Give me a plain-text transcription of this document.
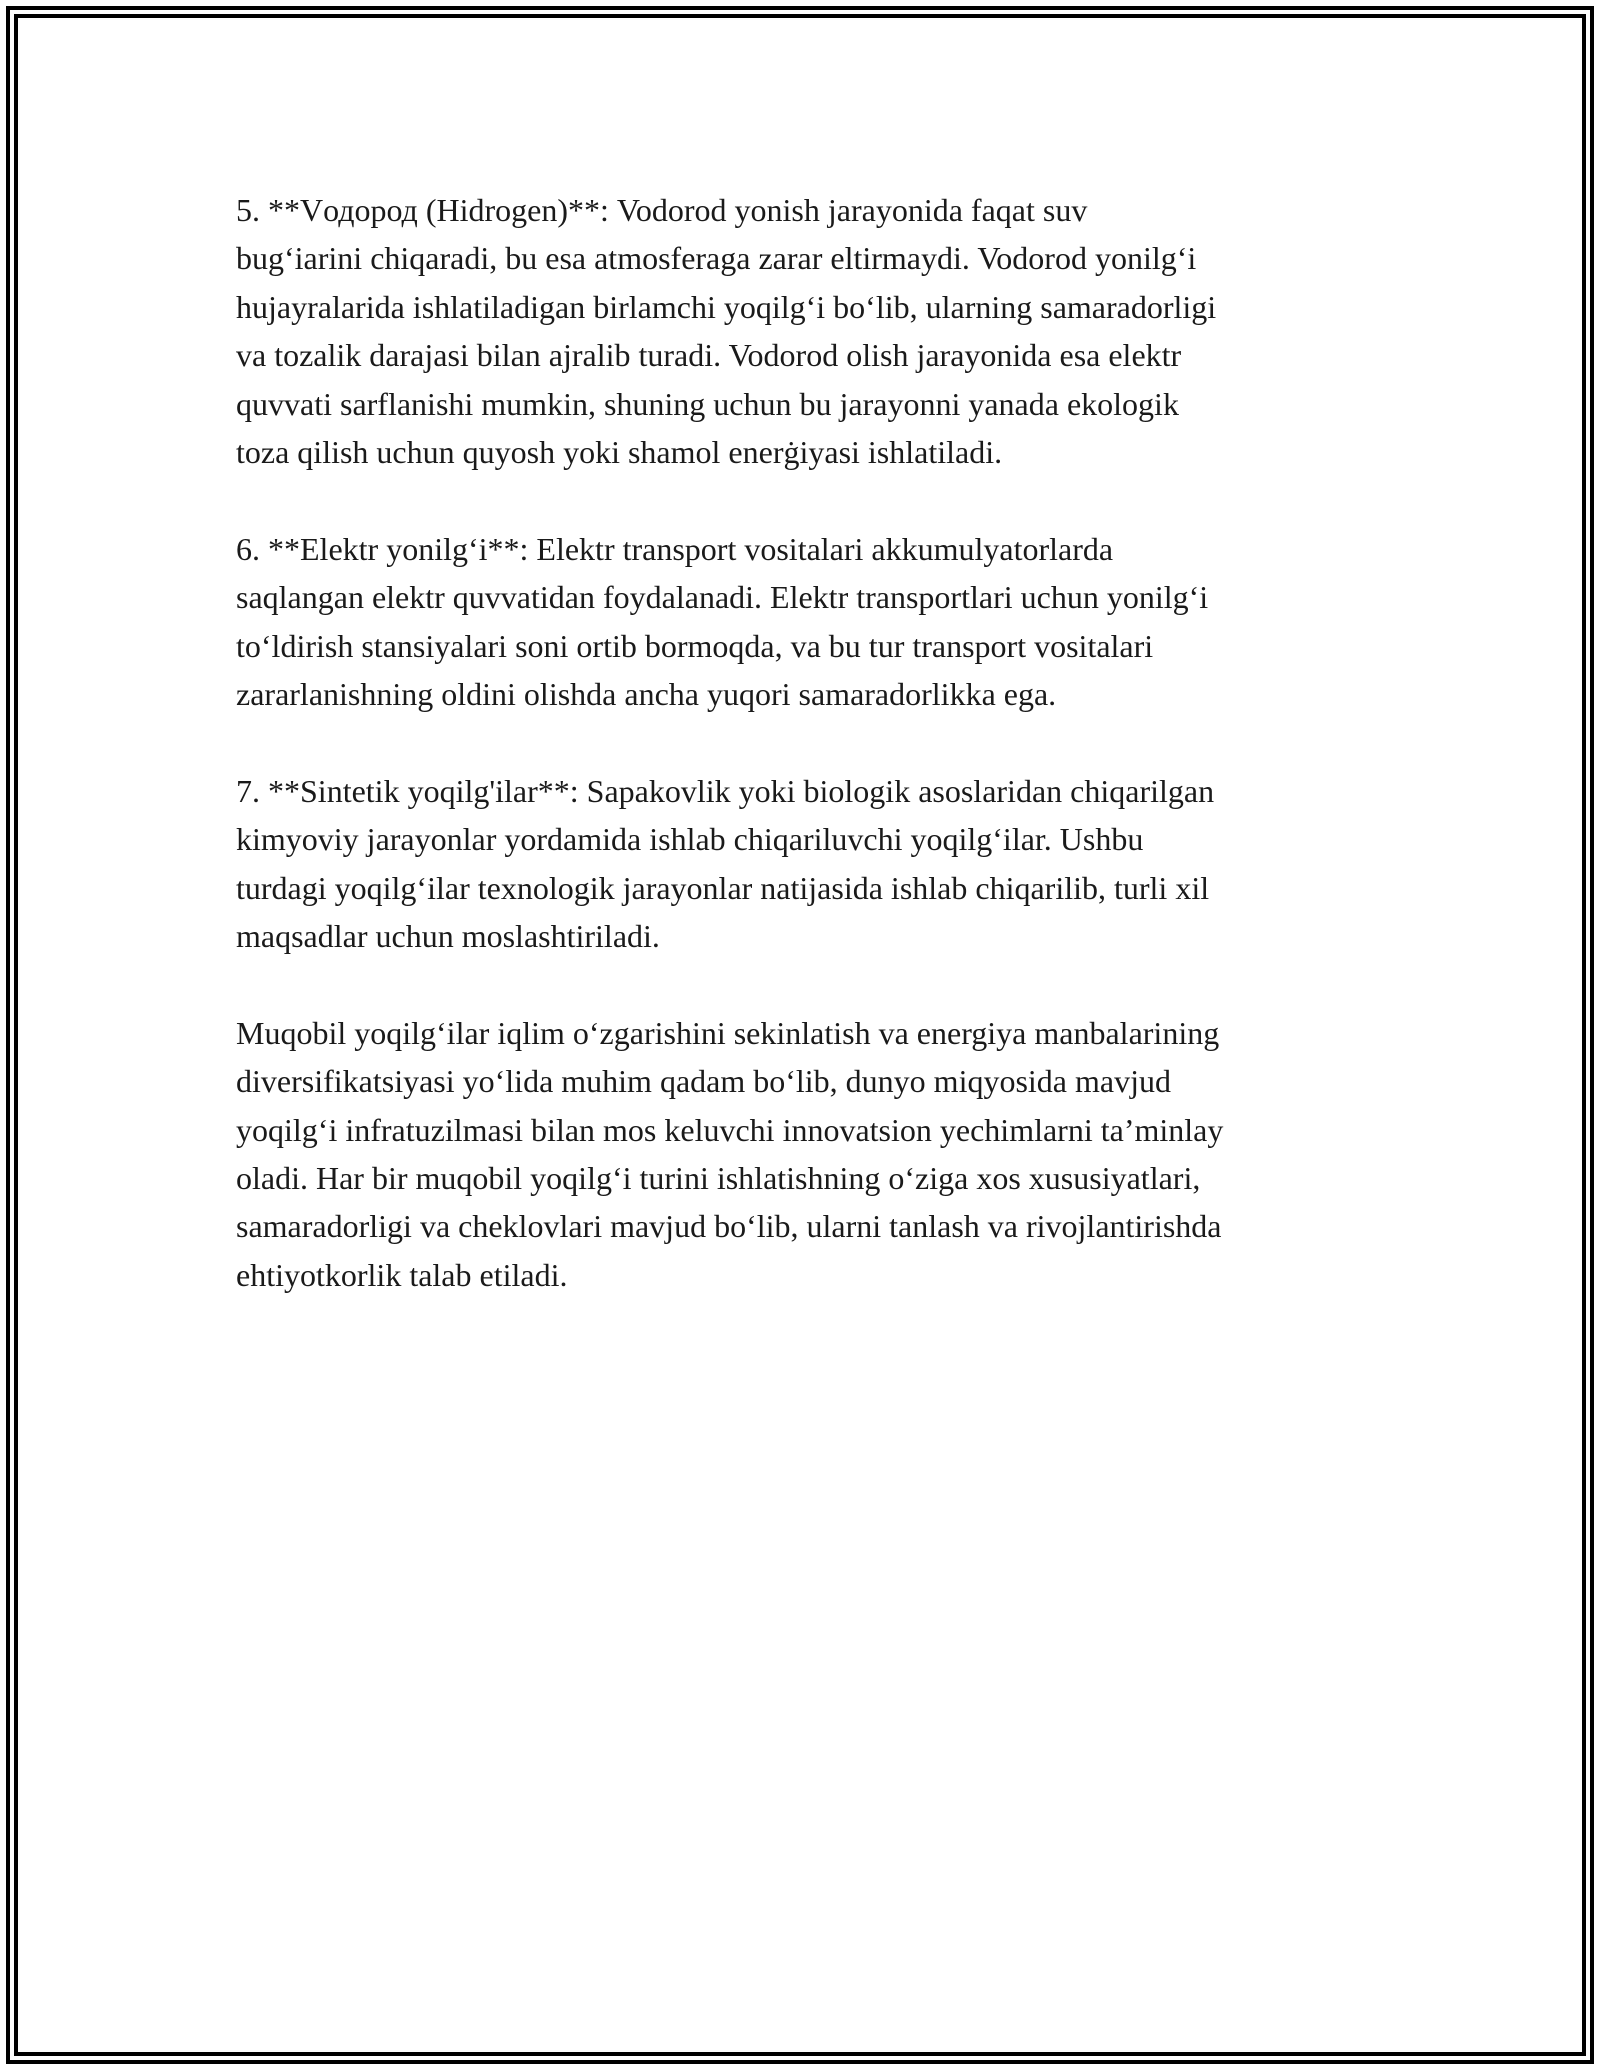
5. **Vодород (Hidrogen)**: Vodorod yonish jarayonida faqat suv
bug‘iarini chiqaradi, bu esa atmosferaga zarar eltirmaydi. Vodorod yonilg‘i
hujayralarida ishlatiladigan birlamchi yoqilg‘i bo‘lib, ularning samaradorligi
va tozalik darajasi bilan ajralib turadi. Vodorod olish jarayonida esa elektr
quvvati sarflanishi mumkin, shuning uchun bu jarayonni yanada ekologik
toza qilish uchun quyosh yoki shamol enerġiyasi ishlatiladi.

6. **Elektr yonilg‘i**: Elektr transport vositalari akkumulyatorlarda
saqlangan elektr quvvatidan foydalanadi. Elektr transportlari uchun yonilg‘i
to‘ldirish stansiyalari soni ortib bormoqda, va bu tur transport vositalari
zararlanishning oldini olishda ancha yuqori samaradorlikka ega.

7. **Sintetik yoqilg'ilar**: Sapakovlik yoki biologik asoslaridan chiqarilgan
kimyoviy jarayonlar yordamida ishlab chiqariluvchi yoqilg‘ilar. Ushbu
turdagi yoqilg‘ilar texnologik jarayonlar natijasida ishlab chiqarilib, turli xil
maqsadlar uchun moslashtiriladi.

Muqobil yoqilg‘ilar iqlim o‘zgarishini sekinlatish va energiya manbalarining
diversifikatsiyasi yo‘lida muhim qadam bo‘lib, dunyo miqyosida mavjud
yoqilg‘i infratuzilmasi bilan mos keluvchi innovatsion yechimlarni ta’minlay
oladi. Har bir muqobil yoqilg‘i turini ishlatishning o‘ziga xos xususiyatlari,
samaradorligi va cheklovlari mavjud bo‘lib, ularni tanlash va rivojlantirishda
ehtiyotkorlik talab etiladi.
